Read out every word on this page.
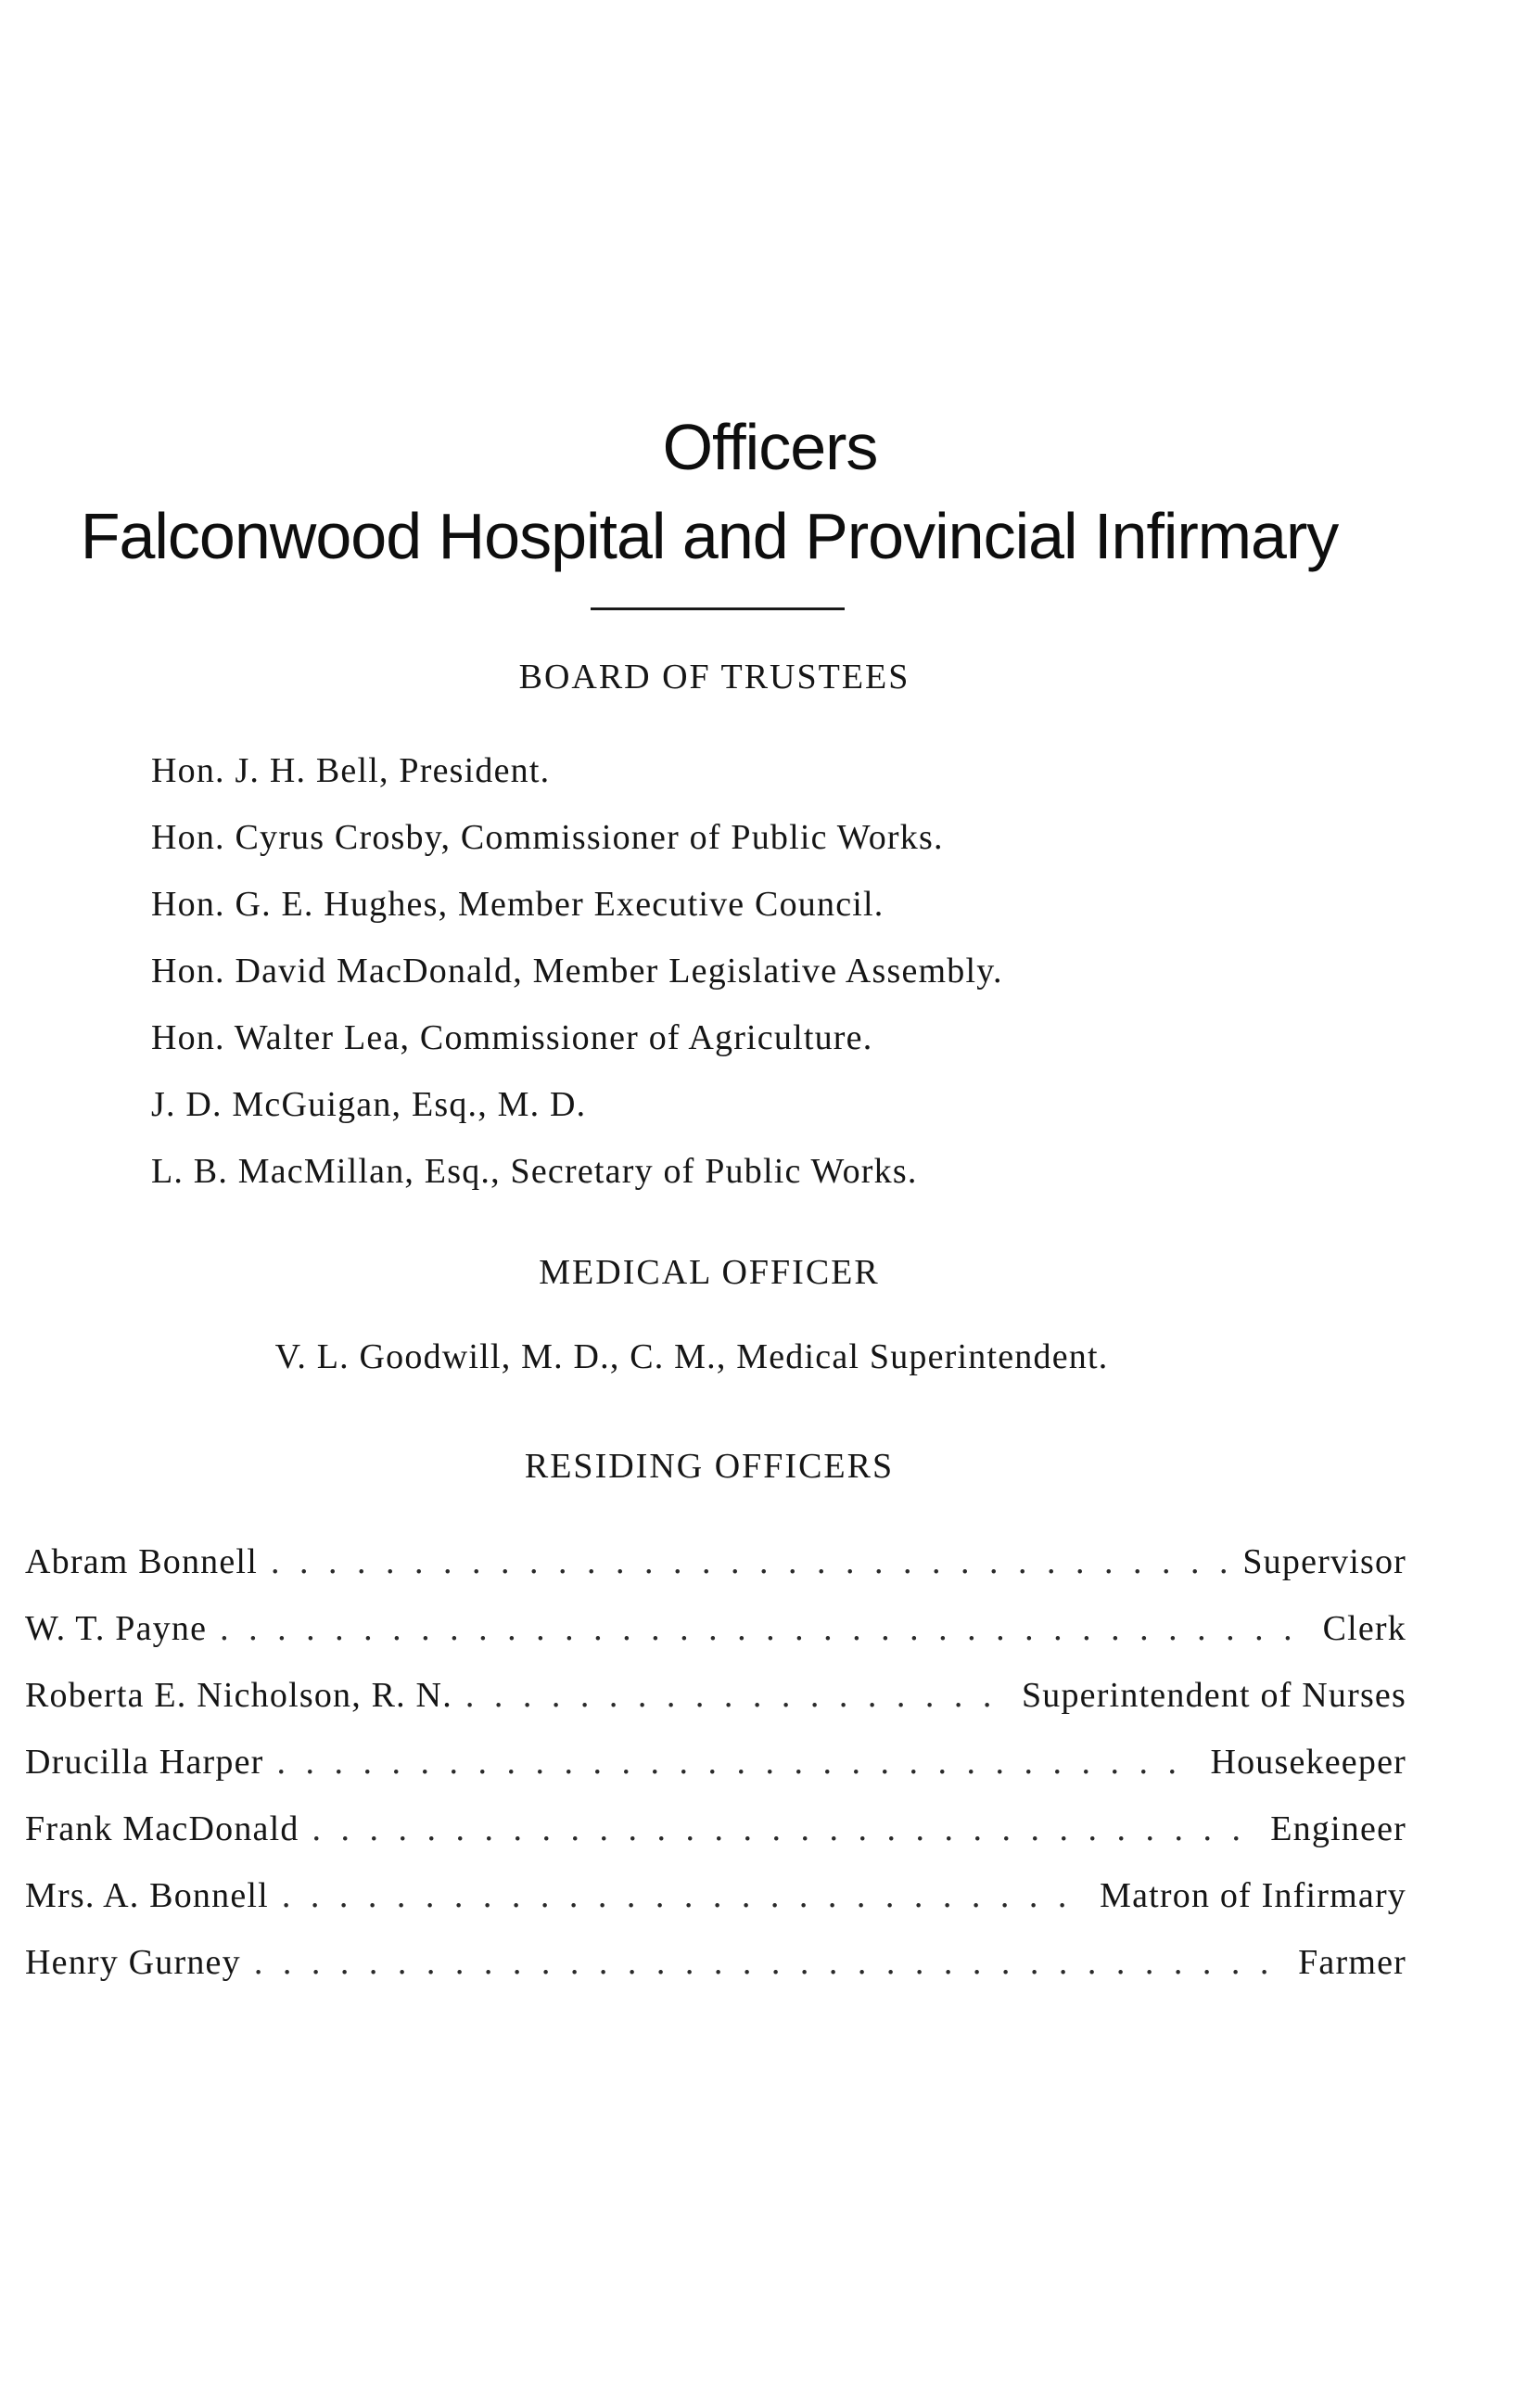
Officers
Falconwood Hospital and Provincial Infirmary
BOARD OF TRUSTEES
Hon. J. H. Bell, President.
Hon. Cyrus Crosby, Commissioner of Public Works.
Hon. G. E. Hughes, Member Executive Council.
Hon. David MacDonald, Member Legislative Assembly.
Hon. Walter Lea, Commissioner of Agriculture.
J. D. McGuigan, Esq., M. D.
L. B. MacMillan, Esq., Secretary of Public Works.
MEDICAL OFFICER
V. L. Goodwill, M. D., C. M., Medical Superintendent.
RESIDING OFFICERS
Abram Bonnell . . .	Supervisor
W. T. Payne . . .	Clerk
Roberta E. Nicholson, R. N. . . .	Superintendent of Nurses
Drucilla Harper . . .	Housekeeper
Frank MacDonald . . .	Engineer
Mrs. A. Bonnell . . .	Matron of Infirmary
Henry Gurney . . .	Farmer
